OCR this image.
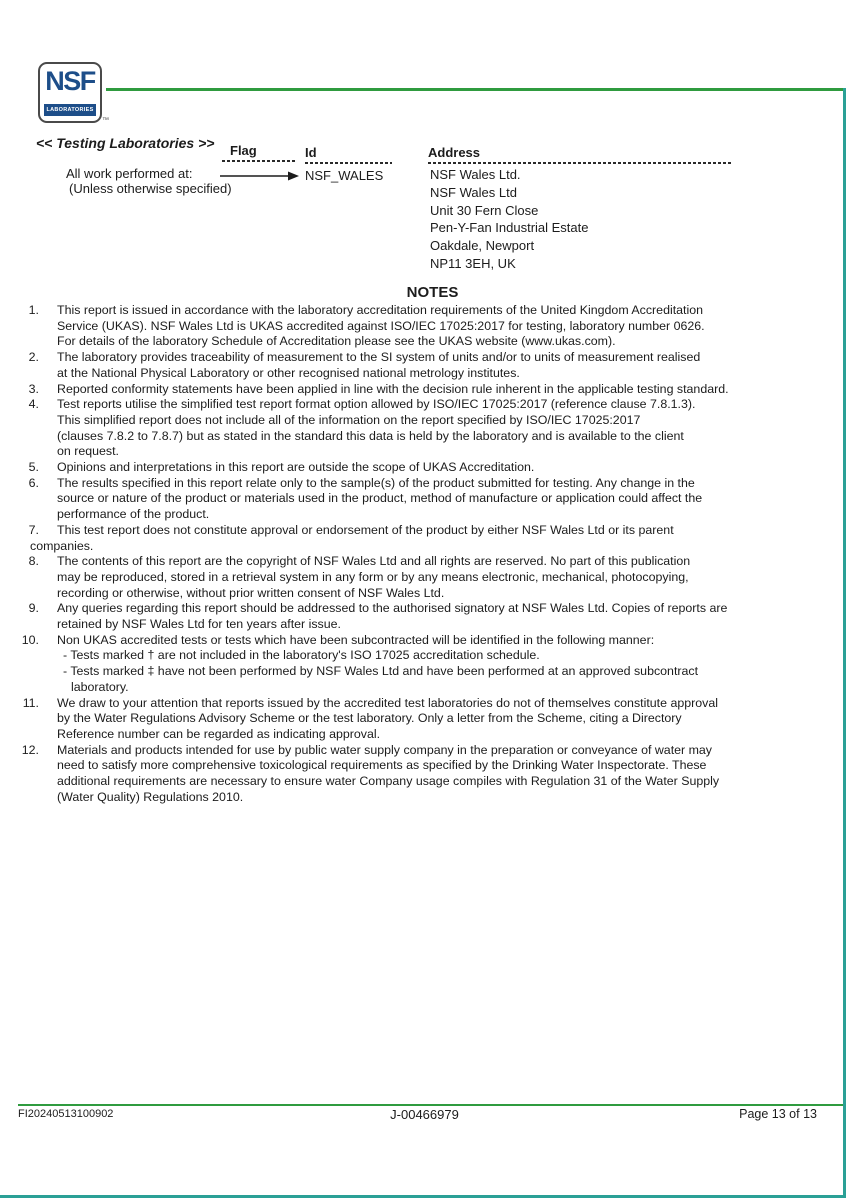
NSF
LABORATORIES
™
<< Testing Laboratories >> Flag	Id	Address
All work performed at:
(Unless otherwise specified)
NSF_WALES	NSF Wales Ltd.
NSF Wales Ltd
Unit 30 Fern Close
Pen-Y-Fan Industrial Estate
Oakdale, Newport
NP11 3EH, UK
NOTES
1. This report is issued in accordance with the laboratory accreditation requirements of the United Kingdom Accreditation
Service (UKAS). NSF Wales Ltd is UKAS accredited against ISO/IEC 17025:2017 for testing, laboratory number 0626.
For details of the laboratory Schedule of Accreditation please see the UKAS website (www.ukas.com).
2. The laboratory provides traceability of measurement to the SI system of units and/or to units of measurement realised
at the National Physical Laboratory or other recognised national metrology institutes.
3. Reported conformity statements have been applied in line with the decision rule inherent in the applicable testing standard.
4. Test reports utilise the simplified test report format option allowed by ISO/IEC 17025:2017 (reference clause 7.8.1.3).
This simplified report does not include all of the information on the report specified by ISO/IEC 17025:2017
(clauses 7.8.2 to 7.8.7) but as stated in the standard this data is held by the laboratory and is available to the client
on request.
5. Opinions and interpretations in this report are outside the scope of UKAS Accreditation.
6. The results specified in this report relate only to the sample(s) of the product submitted for testing. Any change in the
source or nature of the product or materials used in the product, method of manufacture or application could affect the
performance of the product.
7. This test report does not constitute approval or endorsement of the product by either NSF Wales Ltd or its parent
companies.
8. The contents of this report are the copyright of NSF Wales Ltd and all rights are reserved. No part of this publication
may be reproduced, stored in a retrieval system in any form or by any means electronic, mechanical, photocopying,
recording or otherwise, without prior written consent of NSF Wales Ltd.
9. Any queries regarding this report should be addressed to the authorised signatory at NSF Wales Ltd. Copies of reports are
retained by NSF Wales Ltd for ten years after issue.
10. Non UKAS accredited tests or tests which have been subcontracted will be identified in the following manner:
- Tests marked † are not included in the laboratory's ISO 17025 accreditation schedule.
- Tests marked ‡ have not been performed by NSF Wales Ltd and have been performed at an approved subcontract
laboratory.
11. We draw to your attention that reports issued by the accredited test laboratories do not of themselves constitute approval
by the Water Regulations Advisory Scheme or the test laboratory. Only a letter from the Scheme, citing a Directory
Reference number can be regarded as indicating approval.
12. Materials and products intended for use by public water supply company in the preparation or conveyance of water may
need to satisfy more comprehensive toxicological requirements as specified by the Drinking Water Inspectorate. These
additional requirements are necessary to ensure water Company usage compiles with Regulation 31 of the Water Supply
(Water Quality) Regulations 2010.
FI20240513100902	J-00466979	Page 13 of 13
